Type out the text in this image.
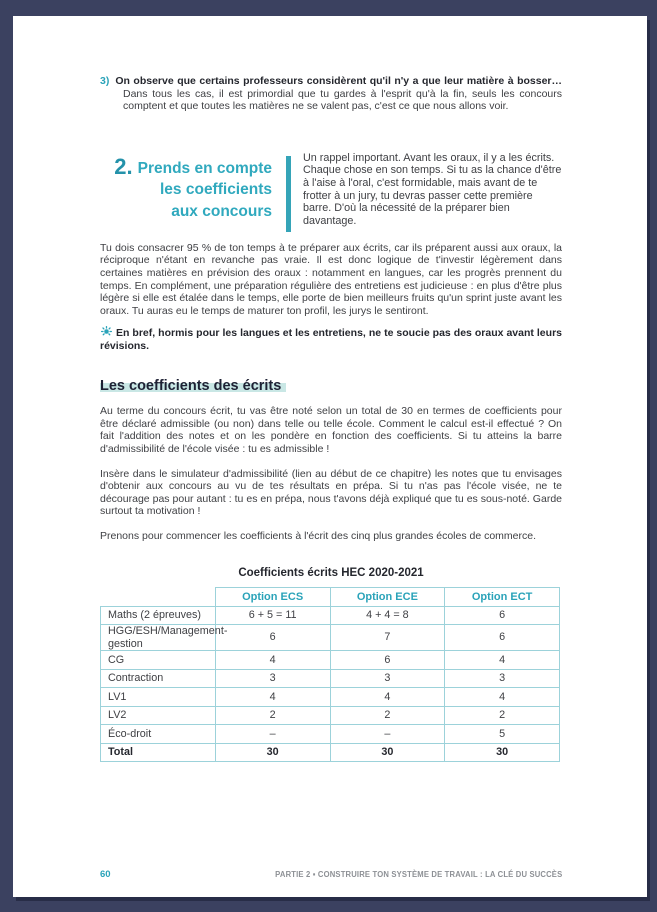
3) On observe que certains professeurs considèrent qu'il n'y a que leur matière à bosser… Dans tous les cas, il est primordial que tu gardes à l'esprit qu'à la fin, seuls les concours comptent et que toutes les matières ne se valent pas, c'est ce que nous allons voir.

2. Prends en compte
les coefficients
aux concours

Un rappel important. Avant les oraux, il y a les écrits. Chaque chose en son temps. Si tu as la chance d'être à l'aise à l'oral, c'est formidable, mais avant de te frotter à un jury, tu devras passer cette première barre. D'où la nécessité de la préparer bien davantage.

Tu dois consacrer 95 % de ton temps à te préparer aux écrits, car ils préparent aussi aux oraux, la réciproque n'étant en revanche pas vraie. Il est donc logique de t'investir légèrement dans certaines matières en prévision des oraux : notamment en langues, car les progrès prennent du temps. En complément, une préparation régulière des entretiens est judicieuse : en plus d'être plus légère si elle est étalée dans le temps, elle porte de bien meilleurs fruits qu'un sprint juste avant les oraux. Tu auras eu le temps de maturer ton profil, les jurys le sentiront.

En bref, hormis pour les langues et les entretiens, ne te soucie pas des oraux avant leurs révisions.

Les coefficients des écrits

Au terme du concours écrit, tu vas être noté selon un total de 30 en termes de coefficients pour être déclaré admissible (ou non) dans telle ou telle école. Comment le calcul est-il effectué ? On fait l'addition des notes et on les pondère en fonction des coefficients. Si tu atteins la barre d'admissibilité de l'école visée : tu es admissible !

Insère dans le simulateur d'admissibilité (lien au début de ce chapitre) les notes que tu envisages d'obtenir aux concours au vu de tes résultats en prépa. Si tu n'as pas l'école visée, ne te décourage pas pour autant : tu es en prépa, nous t'avons déjà expliqué que tu es sous-noté. Garde surtout ta motivation !

Prenons pour commencer les coefficients à l'écrit des cinq plus grandes écoles de commerce.

Coefficients écrits HEC 2020-2021
	Option ECS	Option ECE	Option ECT
Maths (2 épreuves)	6 + 5 = 11	4 + 4 = 8	6
HGG/ESH/Management-gestion	6	7	6
CG	4	6	4
Contraction	3	3	3
LV1	4	4	4
LV2	2	2	2
Éco-droit	–	–	5
Total	30	30	30
60	PARTIE 2 ▪ CONSTRUIRE TON SYSTÈME DE TRAVAIL : LA CLÉ DU SUCCÈS
